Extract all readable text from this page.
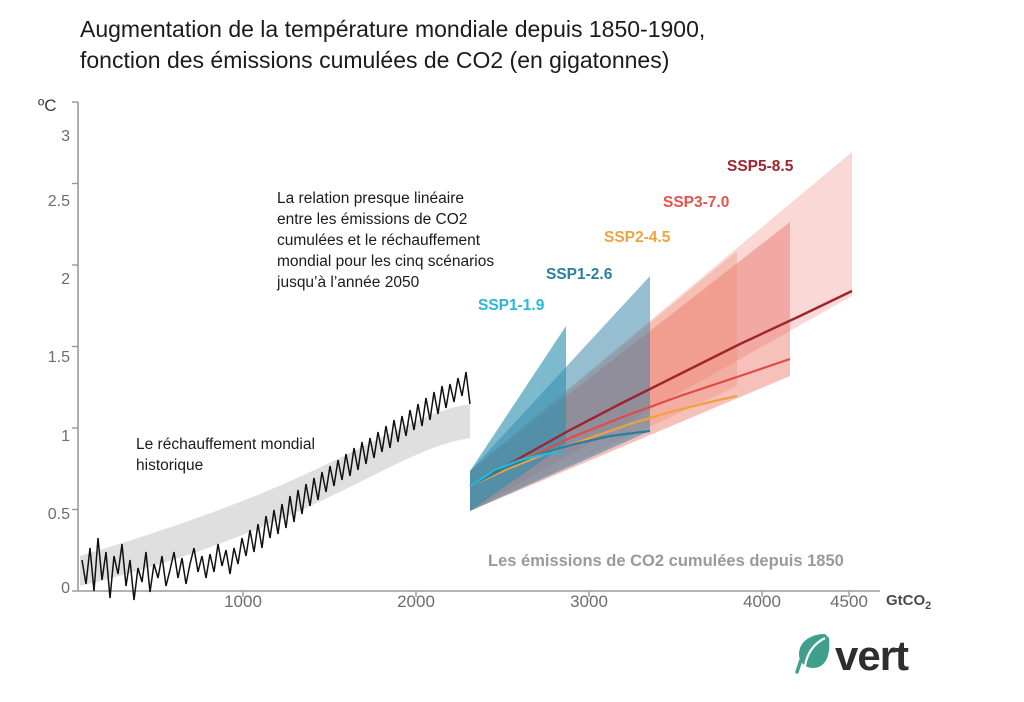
Augmentation de la température mondiale depuis 1850-1900,
fonction des émissions cumulées de CO2 (en gigatonnes)
ºC
GtCO$_2$
3
2.5
2
1.5
1
0.5
0
1000	2000	3000	4000	4500
La relation presque linéaire entre les émissions de CO2 cumulées et le réchauffement mondial pour les cinq scénarios jusqu’à l’année 2050
Le réchauffement mondial historique
Les émissions de CO2 cumulées depuis 1850
SSP1-1.9
SSP1-2.6
SSP2-4.5
SSP3-7.0
SSP5-8.5
vert
